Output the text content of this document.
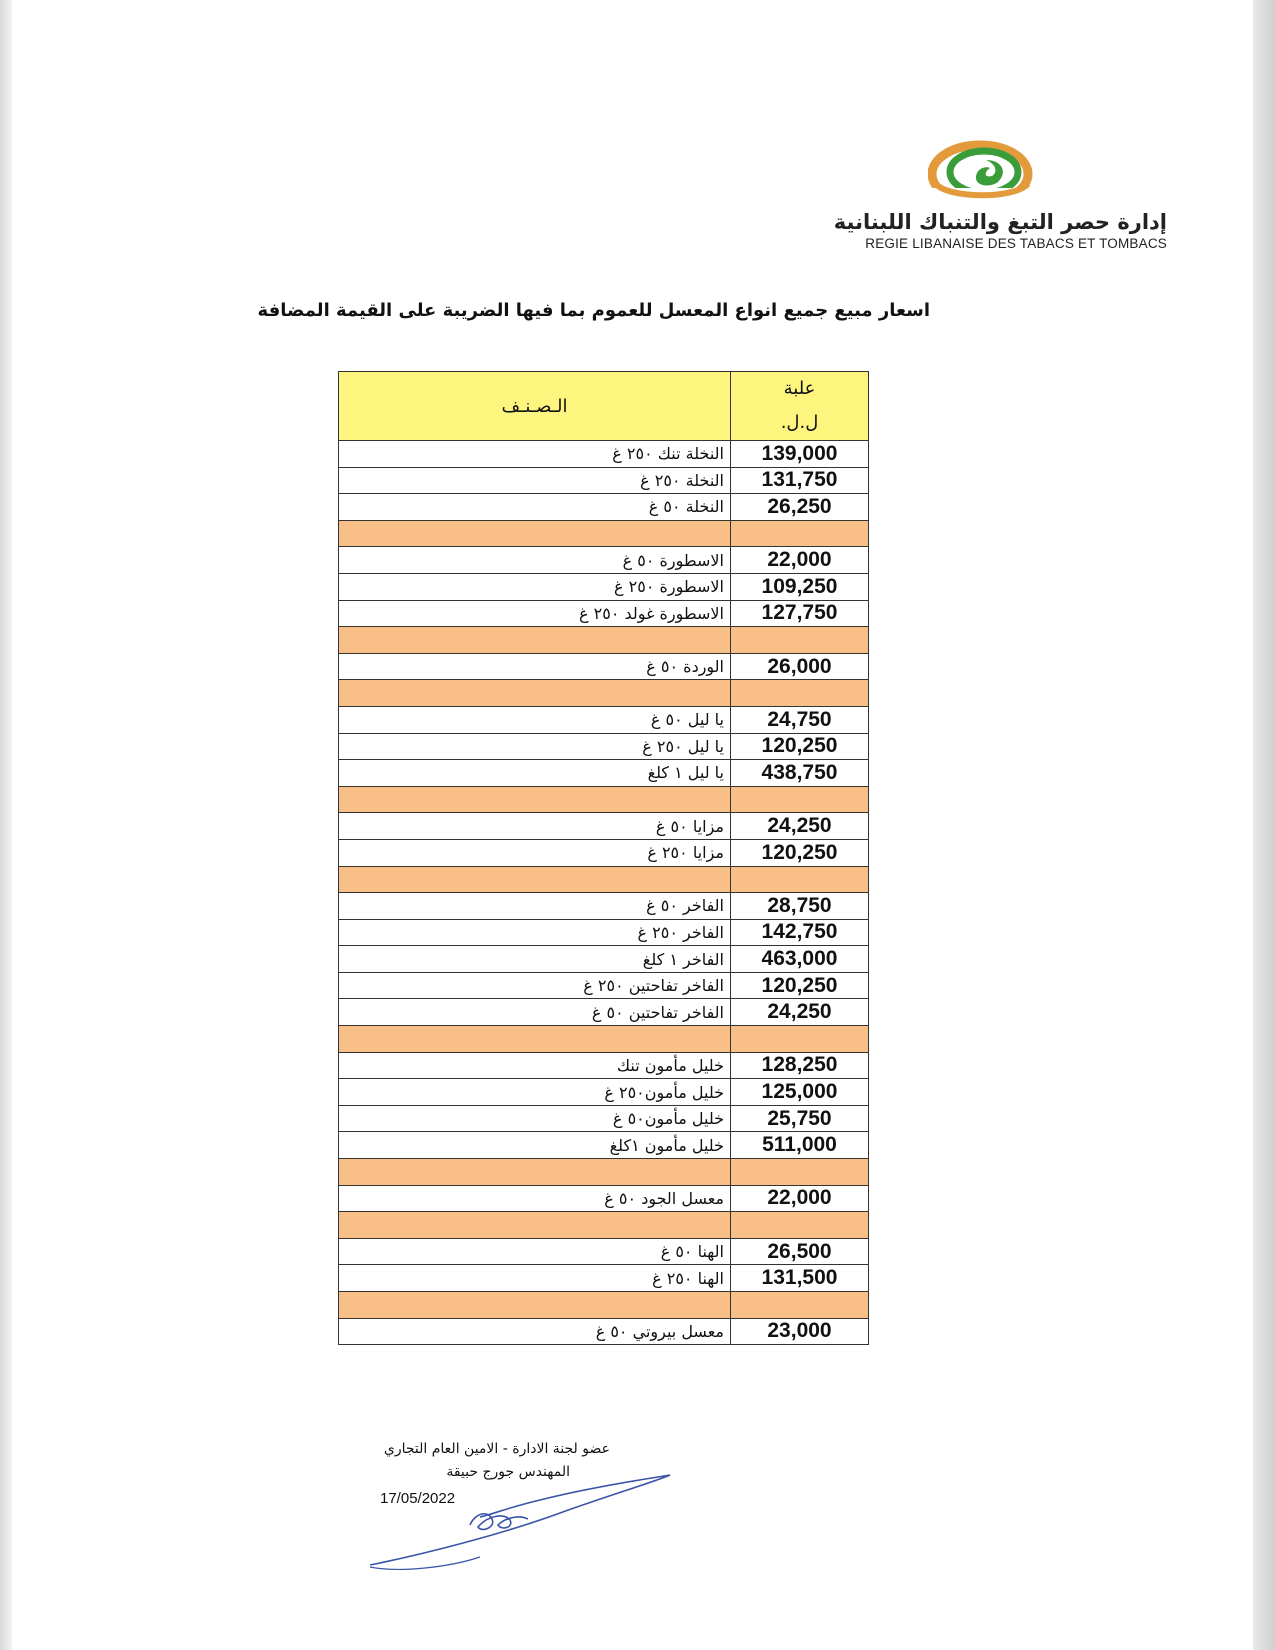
إدارة حصر التبغ والتنباك اللبنانية
REGIE LIBANAISE DES TABACS ET TOMBACS
اسعار مبيع جميع انواع المعسل للعموم بما فيها الضريبة على القيمة المضافة
الـصـنـف	علبة
ل.ل.

النخلة تنك ٢٥٠ غ	139,000
النخلة ٢٥٠ غ	131,750
النخلة ٥٠ غ	26,250

الاسطورة ٥٠ غ	22,000
الاسطورة ٢٥٠ غ	109,250
الاسطورة غولد ٢٥٠ غ	127,750

الوردة ٥٠ غ	26,000

يا ليل ٥٠ غ	24,750
يا ليل ٢٥٠ غ	120,250
يا ليل ١ كلغ	438,750

مزايا ٥٠ غ	24,250
مزايا ٢٥٠ غ	120,250

الفاخر ٥٠ غ	28,750
الفاخر ٢٥٠ غ	142,750
الفاخر ١ كلغ	463,000
الفاخر تفاحتين ٢٥٠ غ	120,250
الفاخر تفاحتين ٥٠ غ	24,250

خليل مأمون تنك	128,250
خليل مأمون٢٥٠ غ	125,000
خليل مأمون٥٠ غ	25,750
خليل مأمون ١كلغ	511,000

معسل الجود ٥٠ غ	22,000

الهنا ٥٠ غ	26,500
الهنا ٢٥٠ غ	131,500

معسل بيروتي ٥٠ غ	23,000
عضو لجنة الادارة - الامين العام التجاري
المهندس جورج حبيقة
17/05/2022
